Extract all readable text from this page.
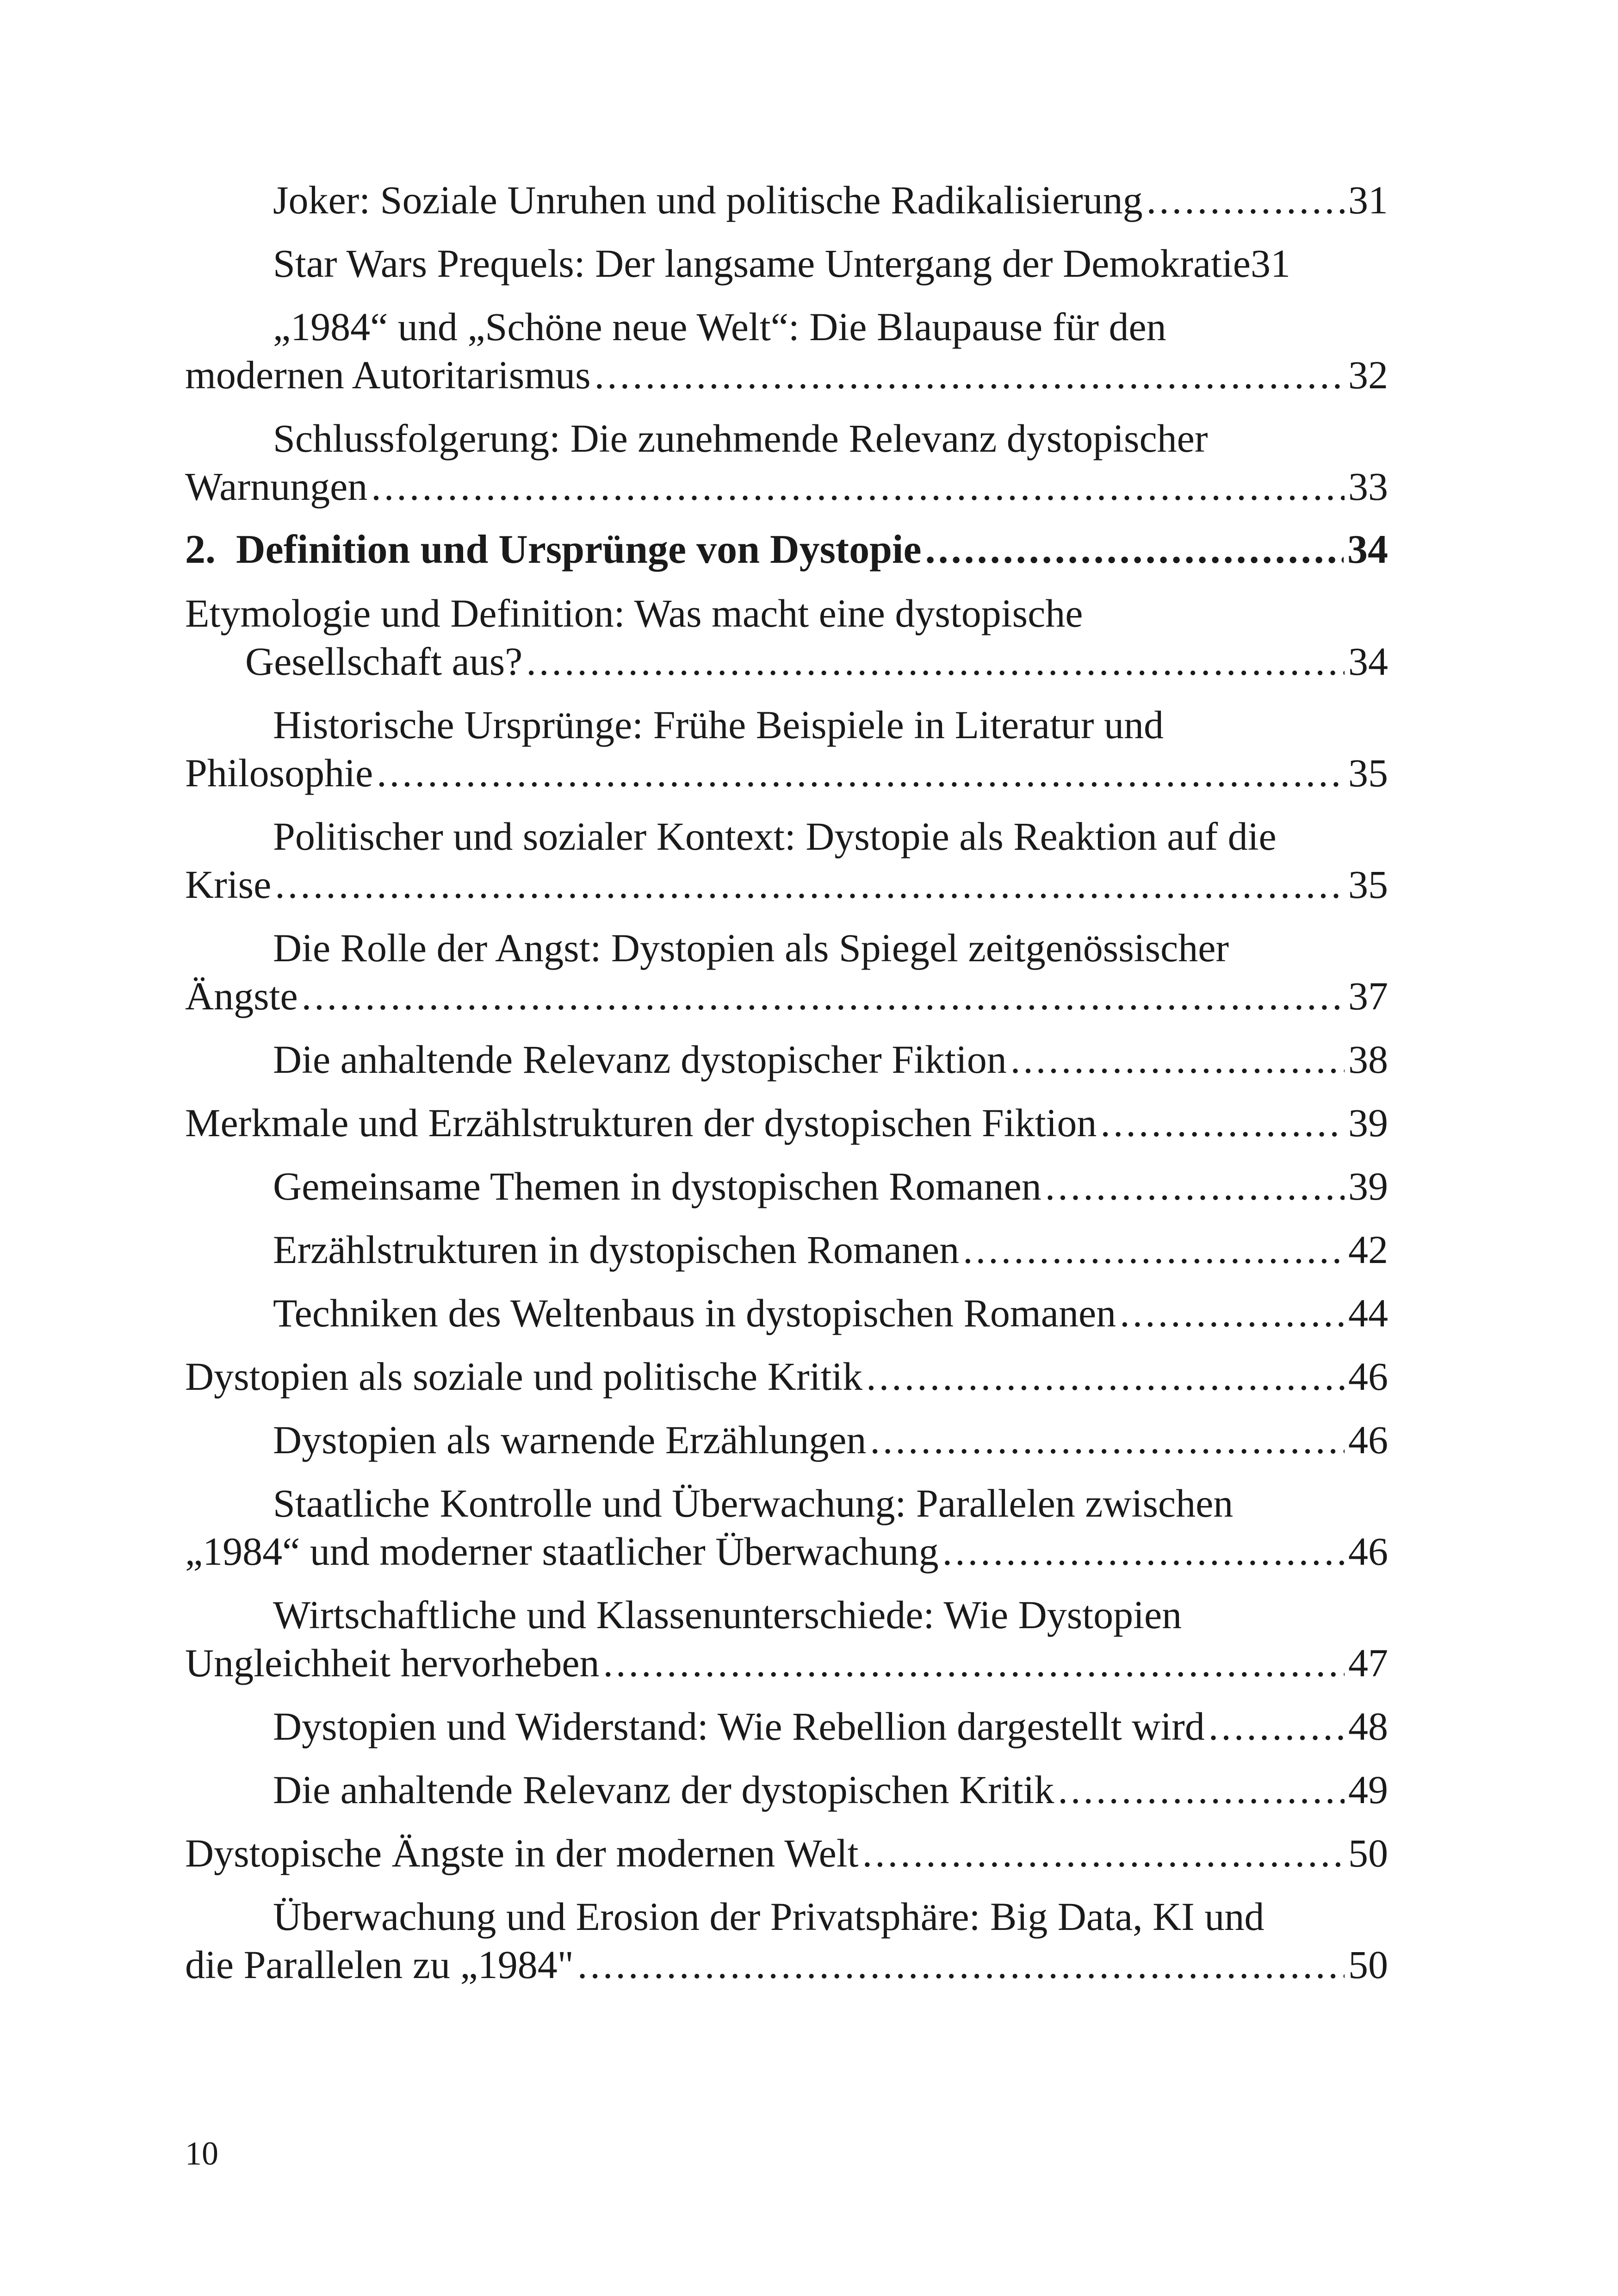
Joker: Soziale Unruhen und politische Radikalisierung .....	31
Star Wars Prequels: Der langsame Untergang der Demokratie31
„1984“ und „Schöne neue Welt“: Die Blaupause für den
modernen Autoritarismus .....	32
Schlussfolgerung: Die zunehmende Relevanz dystopischer
Warnungen .....	33
2. Definition und Ursprünge von Dystopie .....	34
Etymologie und Definition: Was macht eine dystopische
Gesellschaft aus? .....	34
Historische Ursprünge: Frühe Beispiele in Literatur und
Philosophie .....	35
Politischer und sozialer Kontext: Dystopie als Reaktion auf die
Krise .....	35
Die Rolle der Angst: Dystopien als Spiegel zeitgenössischer
Ängste .....	37
Die anhaltende Relevanz dystopischer Fiktion .....	38
Merkmale und Erzählstrukturen der dystopischen Fiktion .....	39
Gemeinsame Themen in dystopischen Romanen .....	39
Erzählstrukturen in dystopischen Romanen .....	42
Techniken des Weltenbaus in dystopischen Romanen .....	44
Dystopien als soziale und politische Kritik .....	46
Dystopien als warnende Erzählungen .....	46
Staatliche Kontrolle und Überwachung: Parallelen zwischen
„1984“ und moderner staatlicher Überwachung .....	46
Wirtschaftliche und Klassenunterschiede: Wie Dystopien
Ungleichheit hervorheben .....	47
Dystopien und Widerstand: Wie Rebellion dargestellt wird .....	48
Die anhaltende Relevanz der dystopischen Kritik .....	49
Dystopische Ängste in der modernen Welt .....	50
Überwachung und Erosion der Privatsphäre: Big Data, KI und
die Parallelen zu „1984" .....	50
10
